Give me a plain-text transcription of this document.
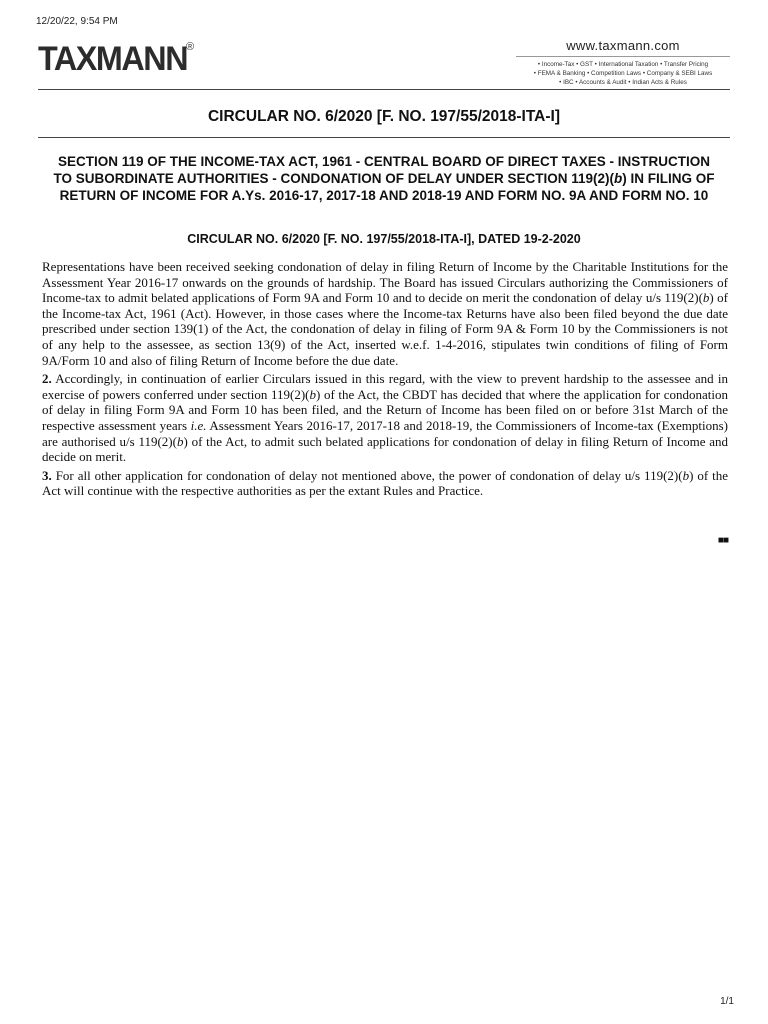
12/20/22, 9:54 PM
TAXMANN
®	www.taxmann.com
• Income-Tax • GST • International Taxation • Transfer Pricing
• FEMA & Banking • Competition Laws • Company & SEBI Laws
• IBC • Accounts & Audit • Indian Acts & Rules
CIRCULAR NO. 6/2020 [F. NO. 197/55/2018-ITA-I]
SECTION 119 OF THE INCOME-TAX ACT, 1961 - CENTRAL BOARD OF DIRECT TAXES - INSTRUCTION TO SUBORDINATE AUTHORITIES - CONDONATION OF DELAY UNDER SECTION 119(2)(b) IN FILING OF RETURN OF INCOME FOR A.Ys. 2016-17, 2017-18 AND 2018-19 AND FORM NO. 9A AND FORM NO. 10
CIRCULAR NO. 6/2020 [F. NO. 197/55/2018-ITA-I], DATED 19-2-2020

Representations have been received seeking condonation of delay in filing Return of Income by the Charitable Institutions for the Assessment Year 2016-17 onwards on the grounds of hardship. The Board has issued Circulars authorizing the Commissioners of Income-tax to admit belated applications of Form 9A and Form 10 and to decide on merit the condonation of delay u/s 119(2)(b) of the Income-tax Act, 1961 (Act). However, in those cases where the Income-tax Returns have also been filed beyond the due date prescribed under section 139(1) of the Act, the condonation of delay in filing of Form 9A & Form 10 by the Commissioners is not of any help to the assessee, as section 13(9) of the Act, inserted w.e.f. 1-4-2016, stipulates twin conditions of filing of Form 9A/Form 10 and also of filing Return of Income before the due date.

2. Accordingly, in continuation of earlier Circulars issued in this regard, with the view to prevent hardship to the assessee and in exercise of powers conferred under section 119(2)(b) of the Act, the CBDT has decided that where the application for condonation of delay in filing Form 9A and Form 10 has been filed, and the Return of Income has been filed on or before 31st March of the respective assessment years i.e. Assessment Years 2016-17, 2017-18 and 2018-19, the Commissioners of Income-tax (Exemptions) are authorised u/s 119(2)(b) of the Act, to admit such belated applications for condonation of delay in filing Return of Income and decide on merit.

3. For all other application for condonation of delay not mentioned above, the power of condonation of delay u/s 119(2)(b) of the Act will continue with the respective authorities as per the extant Rules and Practice.

■■
1/1
